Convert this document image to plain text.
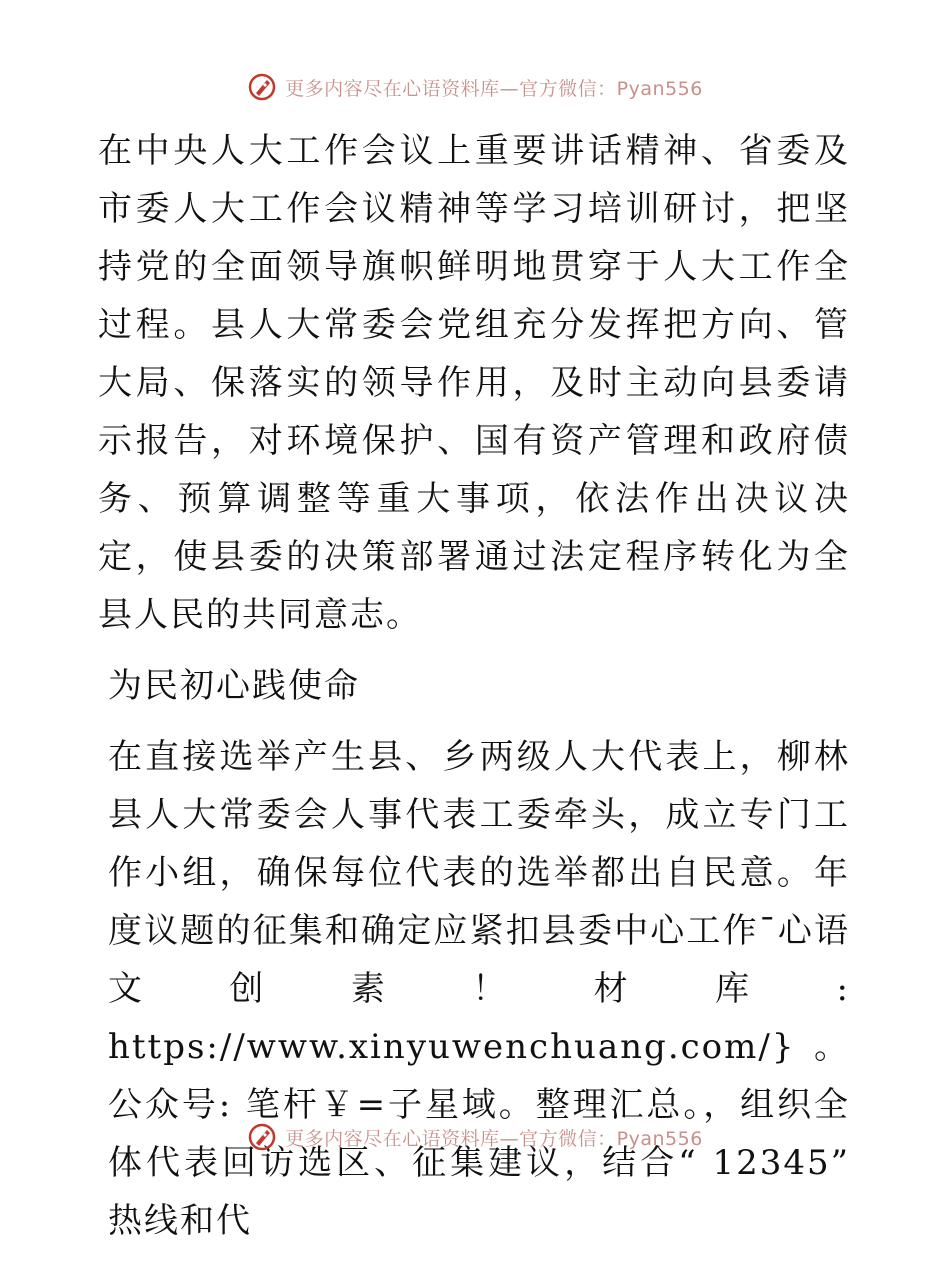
更多内容尽在心语资料库—官方微信：Pyan556

在中央人大工作会议上重要讲话精神、省委及市委人大工作会议精神等学习培训研讨，把坚持党的全面领导旗帜鲜明地贯穿于人大工作全过程。县人大常委会党组充分发挥把方向、管大局、保落实的领导作用，及时主动向县委请示报告，对环境保护、国有资产管理和政府债务、预算调整等重大事项，依法作出决议决定，使县委的决策部署通过法定程序转化为全县人民的共同意志。

为民初心践使命

在直接选举产生县、乡两级人大代表上，柳林县人大常委会人事代表工委牵头，成立专门工作小组，确保每位代表的选举都出自民意。年度议题的征集和确定应紧扣县委中心工作¯心语文创素！材库: https://www.xinyuwenchuang.com/}。公众号: 笔杆￥=子星域。整理汇总。，组织全体代表回访选区、征集建议，结合“ 12345” 热线和代

更多内容尽在心语资料库—官方微信：Pyan556
